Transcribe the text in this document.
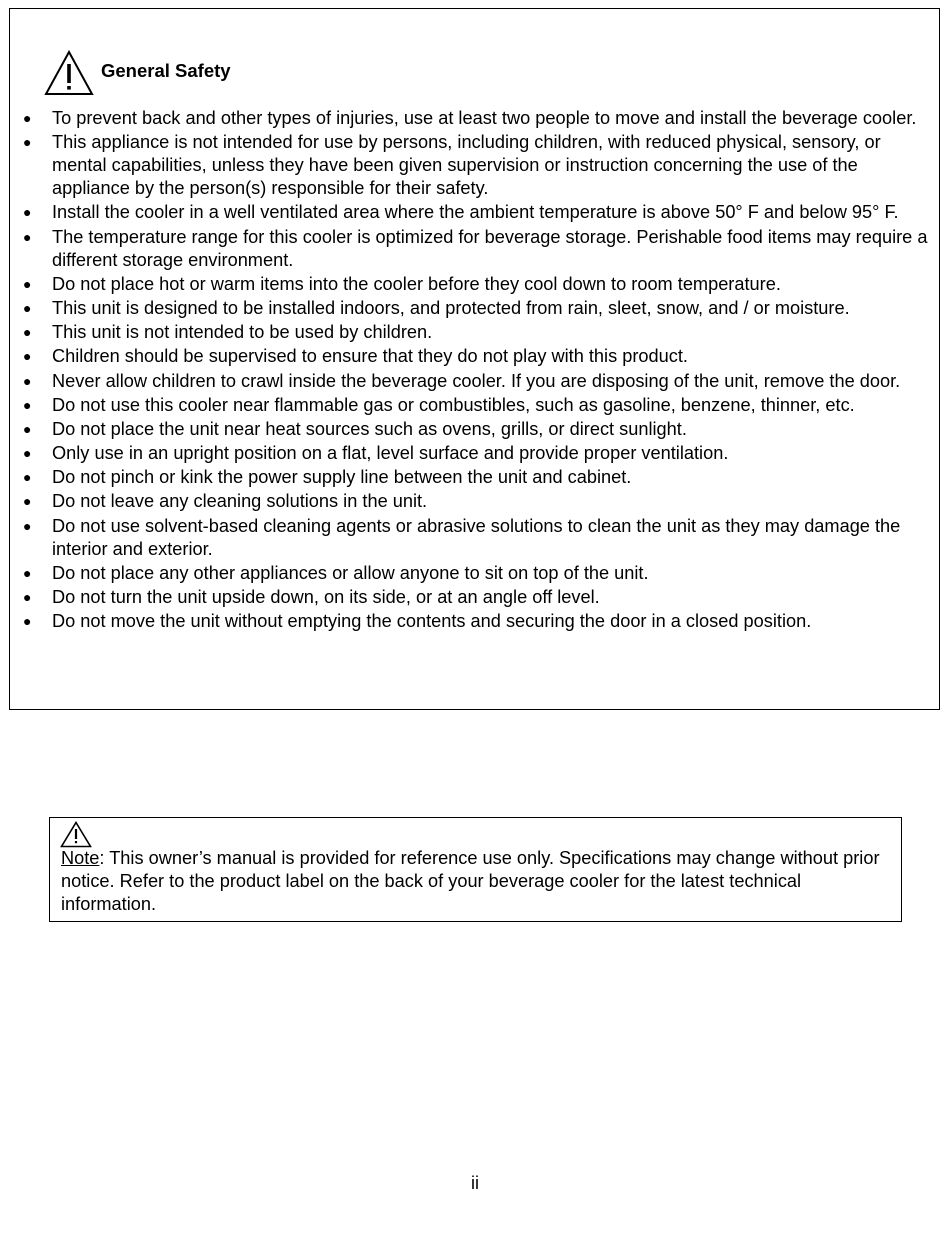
General Safety
● To prevent back and other types of injuries, use at least two people to move and install the beverage cooler.
● This appliance is not intended for use by persons, including children, with reduced physical, sensory, or mental capabilities, unless they have been given supervision or instruction concerning the use of the appliance by the person(s) responsible for their safety.
● Install the cooler in a well ventilated area where the ambient temperature is above 50° F and below 95° F.
● The temperature range for this cooler is optimized for beverage storage. Perishable food items may require a different storage environment.
● Do not place hot or warm items into the cooler before they cool down to room temperature.
● This unit is designed to be installed indoors, and protected from rain, sleet, snow, and / or moisture.
● This unit is not intended to be used by children.
● Children should be supervised to ensure that they do not play with this product.
● Never allow children to crawl inside the beverage cooler. If you are disposing of the unit, remove the door.
● Do not use this cooler near flammable gas or combustibles, such as gasoline, benzene, thinner, etc.
● Do not place the unit near heat sources such as ovens, grills, or direct sunlight.
● Only use in an upright position on a flat, level surface and provide proper ventilation.
● Do not pinch or kink the power supply line between the unit and cabinet.
● Do not leave any cleaning solutions in the unit.
● Do not use solvent-based cleaning agents or abrasive solutions to clean the unit as they may damage the interior and exterior.
● Do not place any other appliances or allow anyone to sit on top of the unit.
● Do not turn the unit upside down, on its side, or at an angle off level.
● Do not move the unit without emptying the contents and securing the door in a closed position.

Note: This owner’s manual is provided for reference use only. Specifications may change without prior notice. Refer to the product label on the back of your beverage cooler for the latest technical information.

ii
